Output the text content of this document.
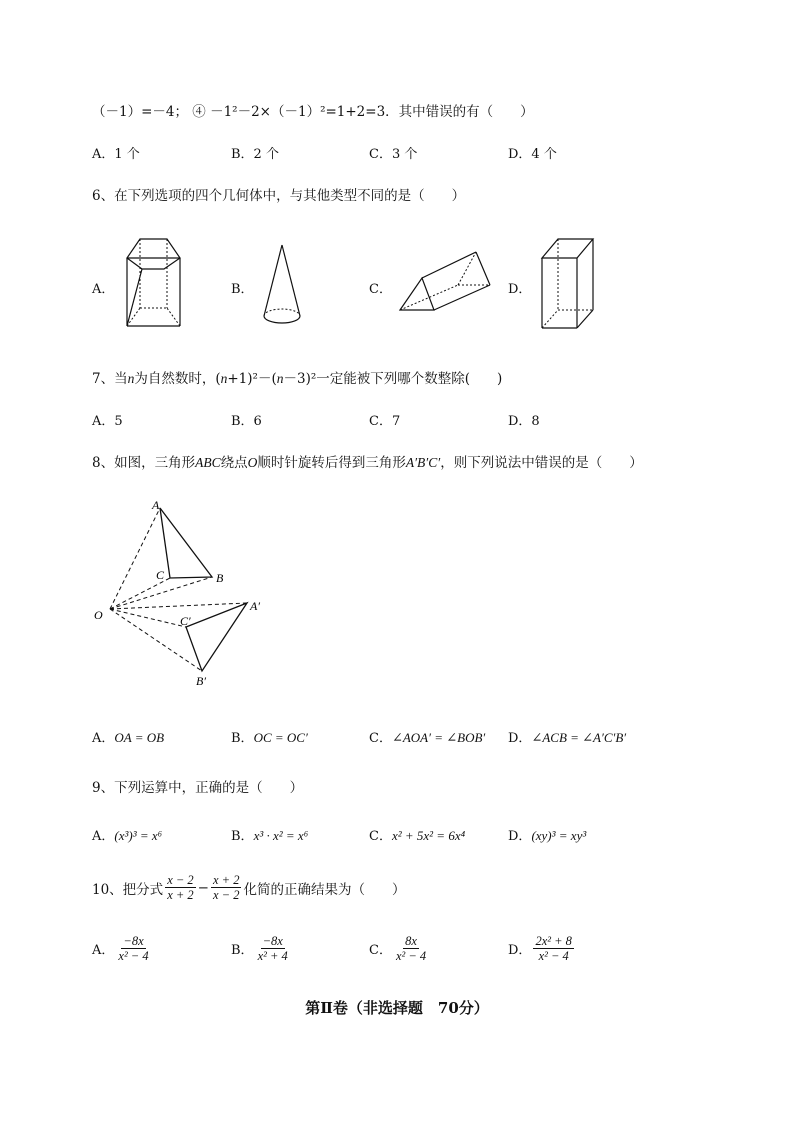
（－1）=－4； ④ －1²－2×（－1）²=1+2=3．其中错误的有（　　）
A．1 个	B．2 个	C．3 个	D．4 个
6、在下列选项的四个几何体中，与其他类型不同的是（　　）
A．	B．	C．	D．
7、当n为自然数时，(n+1)²－(n－3)²一定能被下列哪个数整除(　　)
A．5	B．6	C．7	D．8
8、如图，三角形ABC绕点O顺时针旋转后得到三角形A′B′C′，则下列说法中错误的是（　　）
A
C	B
O
A′
C′
B′
A．OA = OB	B．OC = OC′	C．∠AOA′ = ∠BOB′ D．∠ACB = ∠A′C′B′
9、下列运算中，正确的是（　　）
A．(x³)³ = x⁶	B．x³ · x² = x⁶	C．x² + 5x² = 6x⁴	D．(xy)³ = xy³
10、把分式 $\frac{x - 2}{x + 2} - \frac{x + 2}{x - 2}$ 化简的正确结果为（　　）
A． $\frac{-8x}{\text{x² − 4}}$	B． $\frac{-8x}{\text{x² + 4}}$	C． $\frac{8x}{\text{x² − 4}}$	D． $\frac{\text{2x² + 8}}{\text{x² − 4}}$
第Ⅱ卷（非选择题　70分）
